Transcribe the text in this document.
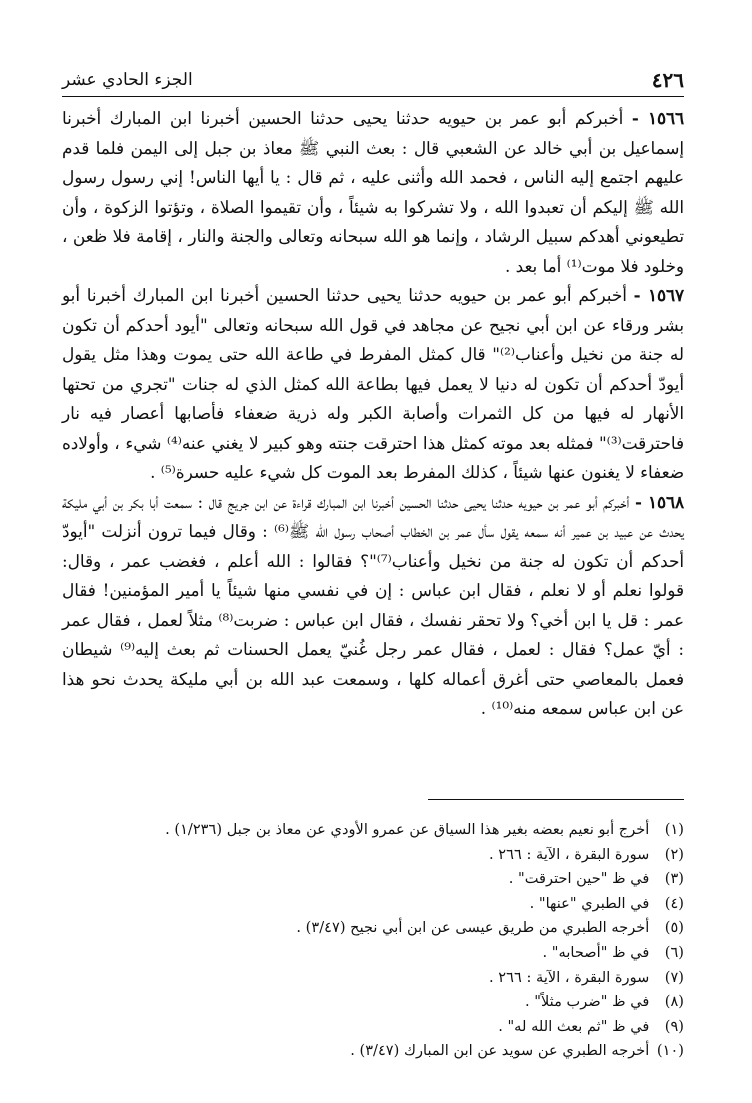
٤٢٦
الجزء الحادي عشر

١٥٦٦ - أخبركم أبو عمر بن حيويه حدثنا يحيى حدثنا الحسين أخبرنا ابن المبارك أخبرنا إسماعيل بن أبي خالد عن الشعبي قال : بعث النبي ﷺ معاذ بن جبل إلى اليمن فلما قدم عليهم اجتمع إليه الناس ، فحمد الله وأثنى عليه ، ثم قال : يا أيها الناس! إني رسول رسول الله ﷺ إليكم أن تعبدوا الله ، ولا تشركوا به شيئاً ، وأن تقيموا الصلاة ، وتؤتوا الزكوة ، وأن تطيعوني أهدكم سبيل الرشاد ، وإنما هو الله سبحانه وتعالى والجنة والنار ، إقامة فلا ظعن ، وخلود فلا موت⁽¹⁾ أما بعد .

١٥٦٧ - أخبركم أبو عمر بن حيويه حدثنا يحيى حدثنا الحسين أخبرنا ابن المبارك أخبرنا أبو بشر ورقاء عن ابن أبي نجيح عن مجاهد في قول الله سبحانه وتعالى "أيود أحدكم أن تكون له جنة من نخيل وأعناب⁽²⁾" قال كمثل المفرط في طاعة الله حتى يموت وهذا مثل يقول أيودّ أحدكم أن تكون له دنيا لا يعمل فيها بطاعة الله كمثل الذي له جنات "تجري من تحتها الأنهار له فيها من كل الثمرات وأصابة الكبر وله ذرية ضعفاء فأصابها أعصار فيه نار فاحترقت⁽³⁾" فمثله بعد موته كمثل هذا احترقت جنته وهو كبير لا يغني عنه⁽⁴⁾ شيء ، وأولاده ضعفاء لا يغنون عنها شيئاً ، كذلك المفرط بعد الموت كل شيء عليه حسرة⁽⁵⁾ .

١٥٦٨ - أخبركم أبو عمر بن حيويه حدثنا يحيى حدثنا الحسين أخبرنا ابن المبارك قراءة عن ابن جريج قال : سمعت أبا بكر بن أبي مليكة يحدث عن عبيد بن عمير أنه سمعه يقول سأل عمر بن الخطاب أصحاب رسول الله ﷺ⁽⁶⁾ : وقال فيما ترون أنزلت "أيودّ أحدكم أن تكون له جنة من نخيل وأعناب⁽⁷⁾"؟ فقالوا : الله أعلم ، فغضب عمر ، وقال: قولوا نعلم أو لا نعلم ، فقال ابن عباس : إن في نفسي منها شيئاً يا أمير المؤمنين! فقال عمر : قل يا ابن أخي؟ ولا تحقر نفسك ، فقال ابن عباس : ضربت⁽⁸⁾ مثلاً لعمل ، فقال عمر : أيّ عمل؟ فقال : لعمل ، فقال عمر رجل غُنيّ يعمل الحسنات ثم بعث إليه⁽⁹⁾ شيطان فعمل بالمعاصي حتى أغرق أعماله كلها ، وسمعت عبد الله بن أبي مليكة يحدث نحو هذا عن ابن عباس سمعه منه⁽¹⁰⁾ .

(١) أخرج أبو نعيم بعضه بغير هذا السياق عن عمرو الأودي عن معاذ بن جبل (١/٢٣٦) .
(٢) سورة البقرة ، الآية : ٢٦٦ .
(٣) في ظ "حين احترقت" .
(٤) في الطبري "عنها" .
(٥) أخرجه الطبري من طريق عيسى عن ابن أبي نجيح (٣/٤٧) .
(٦) في ظ "أصحابه" .
(٧) سورة البقرة ، الآية : ٢٦٦ .
(٨) في ظ "ضرب مثلاً" .
(٩) في ظ "ثم بعث الله له" .
(١٠) أخرجه الطبري عن سويد عن ابن المبارك (٣/٤٧) .
